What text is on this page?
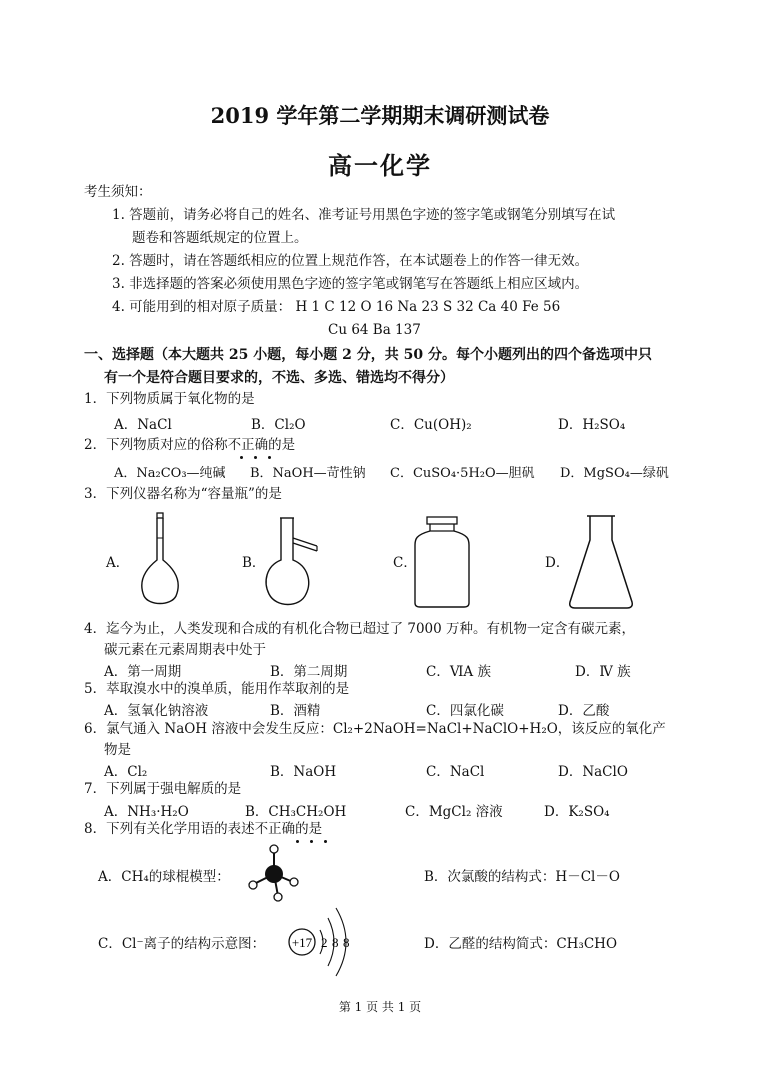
2019 学年第二学期期末调研测试卷
高一化学
考生须知：
1. 答题前，请务必将自己的姓名、准考证号用黑色字迹的签字笔或钢笔分别填写在试
题卷和答题纸规定的位置上。
2. 答题时，请在答题纸相应的位置上规范作答，在本试题卷上的作答一律无效。
3. 非选择题的答案必须使用黑色字迹的签字笔或钢笔写在答题纸上相应区域内。
4. 可能用到的相对原子质量： H 1 C 12 O 16 Na 23 S 32 Ca 40 Fe 56
Cu 64 Ba 137
一、选择题（本大题共 25 小题，每小题 2 分，共 50 分。每个小题列出的四个备选项中只
有一个是符合题目要求的，不选、多选、错选均不得分）
1．下列物质属于氧化物的是
A．NaCl	B．Cl₂O	C．Cu(OH)₂	D．H₂SO₄
2．下列物质对应的俗称不正确的是
A．Na₂CO₃—纯碱 B．NaOH—苛性钠 C．CuSO₄·5H₂O—胆矾 D．MgSO₄—绿矾
3．下列仪器名称为“容量瓶”的是
A．	B．	C．	D．
4．迄今为止，人类发现和合成的有机化合物已超过了 7000 万种。有机物一定含有碳元素，
碳元素在元素周期表中处于
A．第一周期	B．第二周期	C．ⅥA 族	D．Ⅳ 族
5．萃取溴水中的溴单质，能用作萃取剂的是
A．氢氧化钠溶液	B．酒精	C．四氯化碳	D．乙酸
6．氯气通入 NaOH 溶液中会发生反应：Cl₂+2NaOH=NaCl+NaClO+H₂O，该反应的氧化产
物是
A．Cl₂	B．NaOH	C．NaCl	D．NaClO
7．下列属于强电解质的是
A．NH₃·H₂O	B．CH₃CH₂OH	C．MgCl₂ 溶液	D．K₂SO₄
8．下列有关化学用语的表述不正确的是
A．CH₄的球棍模型：	B．次氯酸的结构式：H－Cl－O
C．Cl⁻离子的结构示意图：	D．乙醛的结构简式：CH₃CHO
+17 2 8 8
第 1 页 共 1 页
